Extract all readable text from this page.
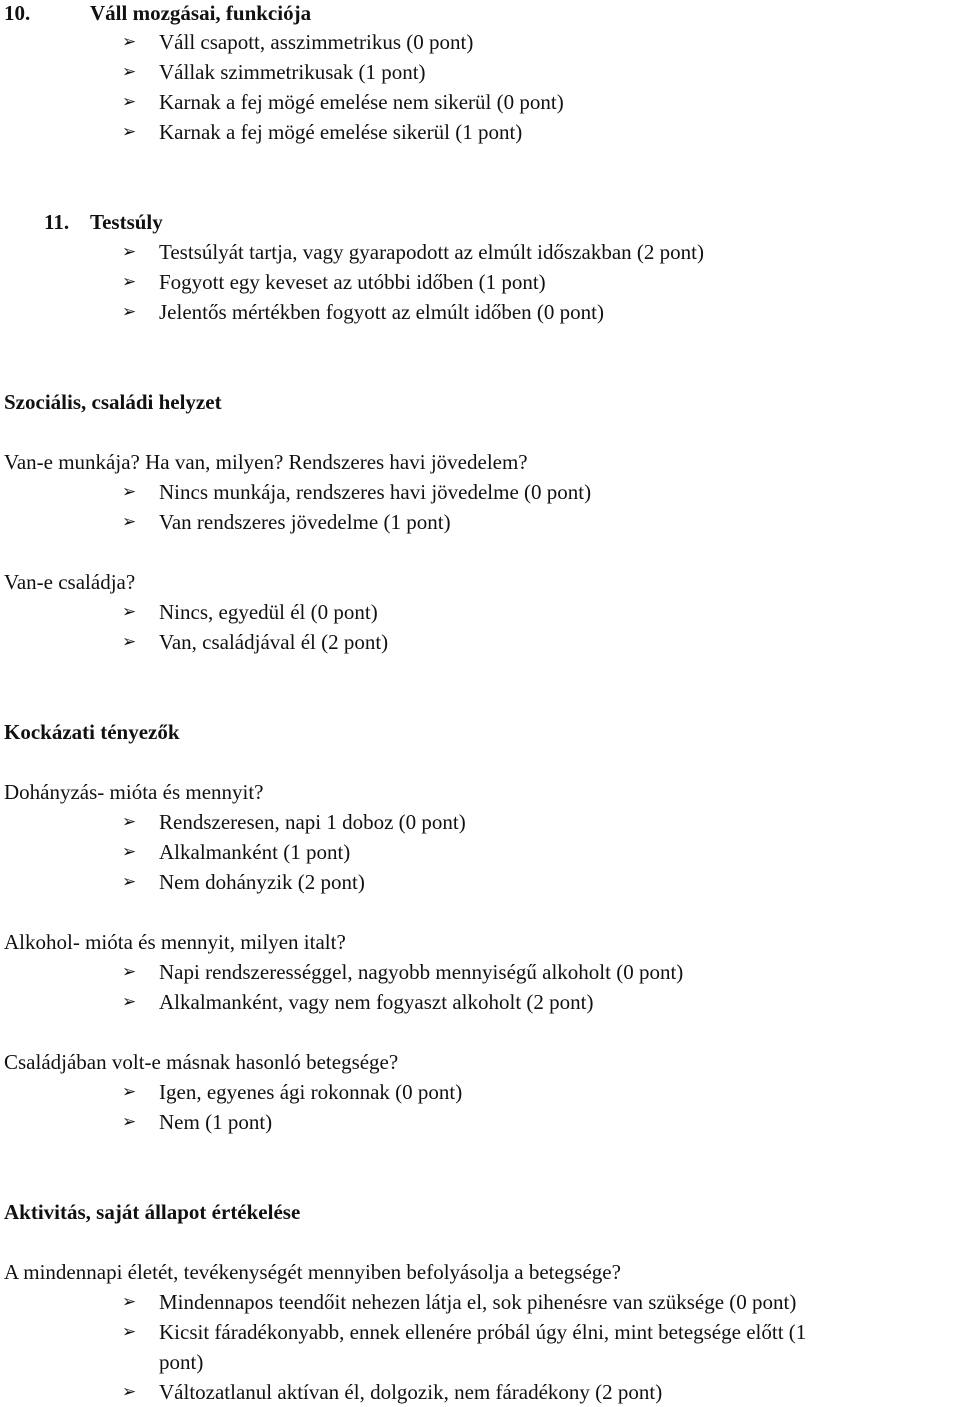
10.	Váll mozgásai, funkciója
➢ Váll csapott, asszimmetrikus (0 pont)
➢ Vállak szimmetrikusak (1 pont)
➢ Karnak a fej mögé emelése nem sikerül (0 pont)
➢ Karnak a fej mögé emelése sikerül (1 pont)
11. Testsúly
➢ Testsúlyát tartja, vagy gyarapodott az elmúlt időszakban (2 pont)
➢ Fogyott egy keveset az utóbbi időben (1 pont)
➢ Jelentős mértékben fogyott az elmúlt időben (0 pont)
Szociális, családi helyzet
Van-e munkája? Ha van, milyen? Rendszeres havi jövedelem?
➢ Nincs munkája, rendszeres havi jövedelme (0 pont)
➢ Van rendszeres jövedelme (1 pont)
Van-e családja?
➢ Nincs, egyedül él (0 pont)
➢ Van, családjával él (2 pont)
Kockázati tényezők
Dohányzás- mióta és mennyit?
➢ Rendszeresen, napi 1 doboz (0 pont)
➢ Alkalmanként (1 pont)
➢ Nem dohányzik (2 pont)
Alkohol- mióta és mennyit, milyen italt?
➢ Napi rendszerességgel, nagyobb mennyiségű alkoholt (0 pont)
➢ Alkalmanként, vagy nem fogyaszt alkoholt (2 pont)
Családjában volt-e másnak hasonló betegsége?
➢ Igen, egyenes ági rokonnak (0 pont)
➢ Nem (1 pont)
Aktivitás, saját állapot értékelése
A mindennapi életét, tevékenységét mennyiben befolyásolja a betegsége?
➢ Mindennapos teendőit nehezen látja el, sok pihenésre van szüksége (0 pont)
➢ Kicsit fáradékonyabb, ennek ellenére próbál úgy élni, mint betegsége előtt (1
pont)
➢ Változatlanul aktívan él, dolgozik, nem fáradékony (2 pont)
